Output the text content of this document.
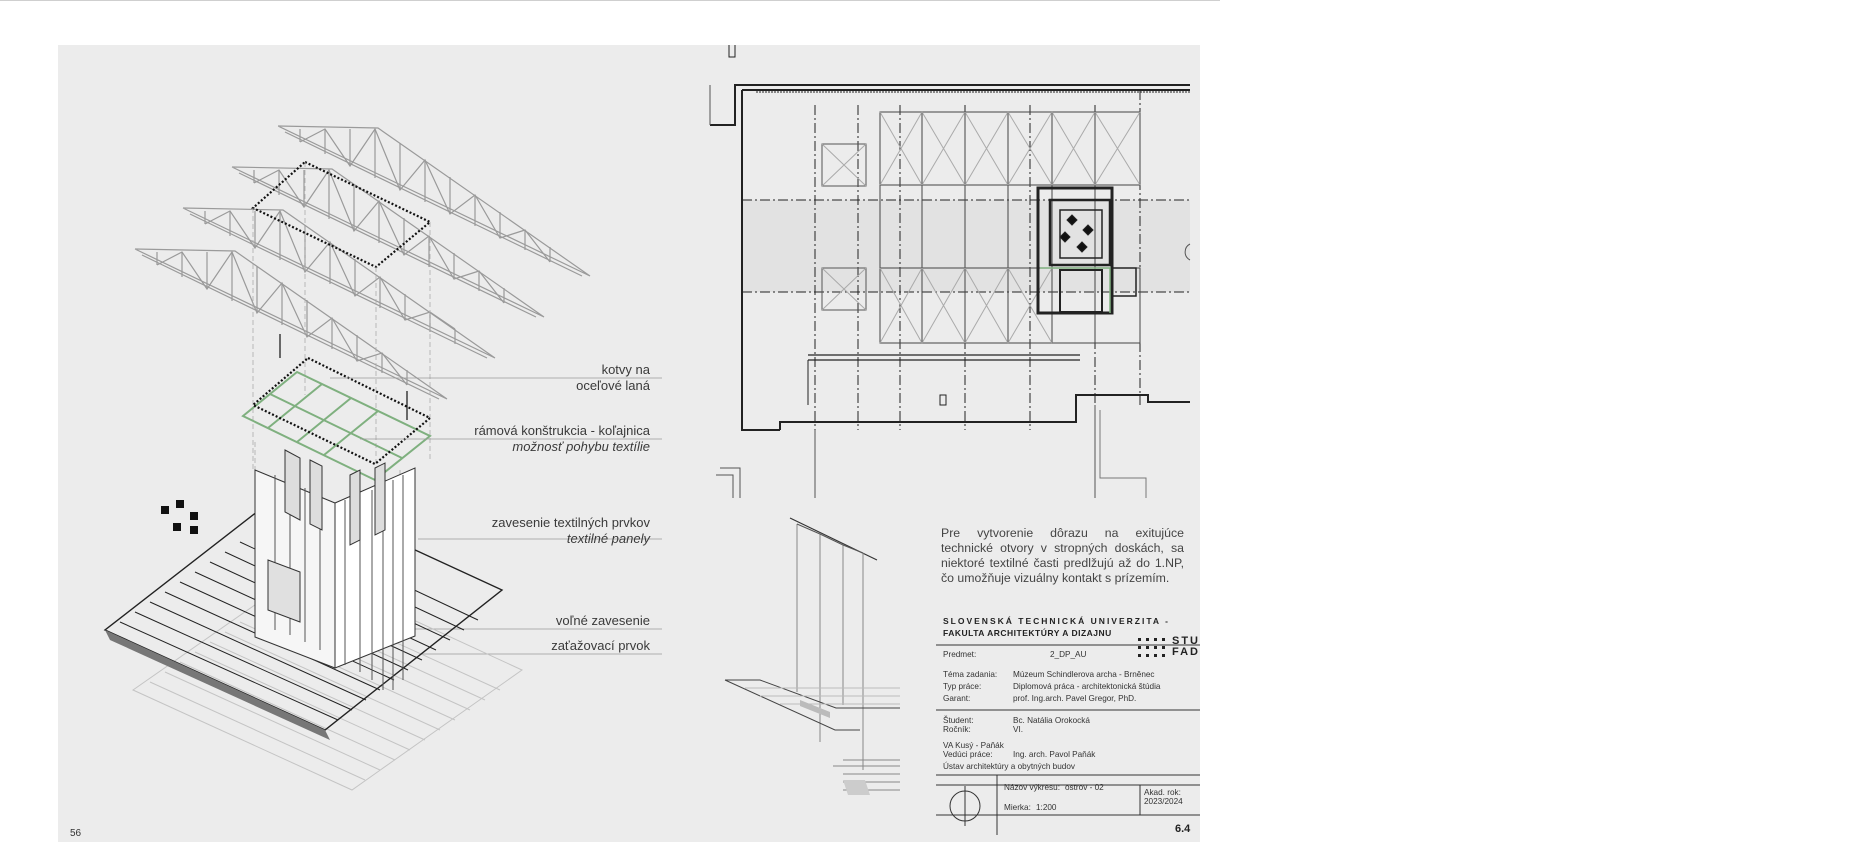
kotvy na
oceľové laná
rámová konštrukcia - koľajnica
možnosť pohybu textílie
zavesenie textilných prvkov
textilné panely
voľné zavesenie
zaťažovací prvok
Pre vytvorenie dôrazu na exitujúce technické otvory v stropných doskách, sa niektoré textilné časti predlžujú až do 1.NP, čo umožňuje vizuálny kontakt s prízemím.
SLOVENSKÁ TECHNICKÁ UNIVERZITA -
FAKULTA ARCHITEKTÚRY A DIZAJNU
STU
FAD
Predmet:	2_DP_AU
Téma zadania: Múzeum Schindlerova archa - Brněnec
Typ práce:	Diplomová práca - architektonická štúdia
Garant:	prof. Ing.arch. Pavel Gregor, PhD.
Študent:	Bc. Natália Orokocká
Ročník:	VI.
VA Kusý - Paňák
Vedúci práce: Ing. arch. Pavol Paňák
Ústav architektúry a obytných budov
Názov výkresu: ostrov - 02
Mierka: 1:200
Akad. rok:
2023/2024
6.4
56
